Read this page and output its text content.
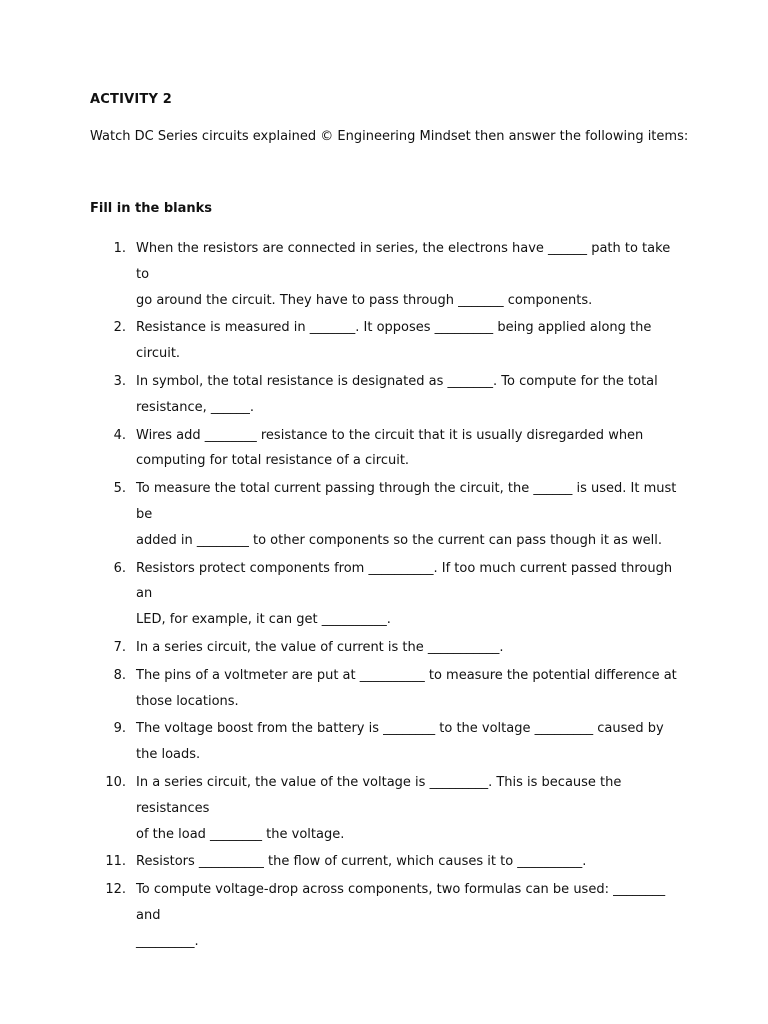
ACTIVITY 2
Watch DC Series circuits explained © Engineering Mindset then answer the following items:
Fill in the blanks
1. When the resistors are connected in series, the electrons have ______ path to take to
go around the circuit. They have to pass through _______ components.
2. Resistance is measured in _______. It opposes _________ being applied along the
circuit.
3. In symbol, the total resistance is designated as _______. To compute for the total
resistance, ______.
4. Wires add ________ resistance to the circuit that it is usually disregarded when
computing for total resistance of a circuit.
5. To measure the total current passing through the circuit, the ______ is used. It must be
added in ________ to other components so the current can pass though it as well.
6. Resistors protect components from __________. If too much current passed through an
LED, for example, it can get __________.
7. In a series circuit, the value of current is the ___________.
8. The pins of a voltmeter are put at __________ to measure the potential difference at
those locations.
9. The voltage boost from the battery is ________ to the voltage _________ caused by
the loads.
10. In a series circuit, the value of the voltage is _________. This is because the resistances
of the load ________ the voltage.
11. Resistors __________ the flow of current, which causes it to __________.
12. To compute voltage-drop across components, two formulas can be used: ________ and
_________.
